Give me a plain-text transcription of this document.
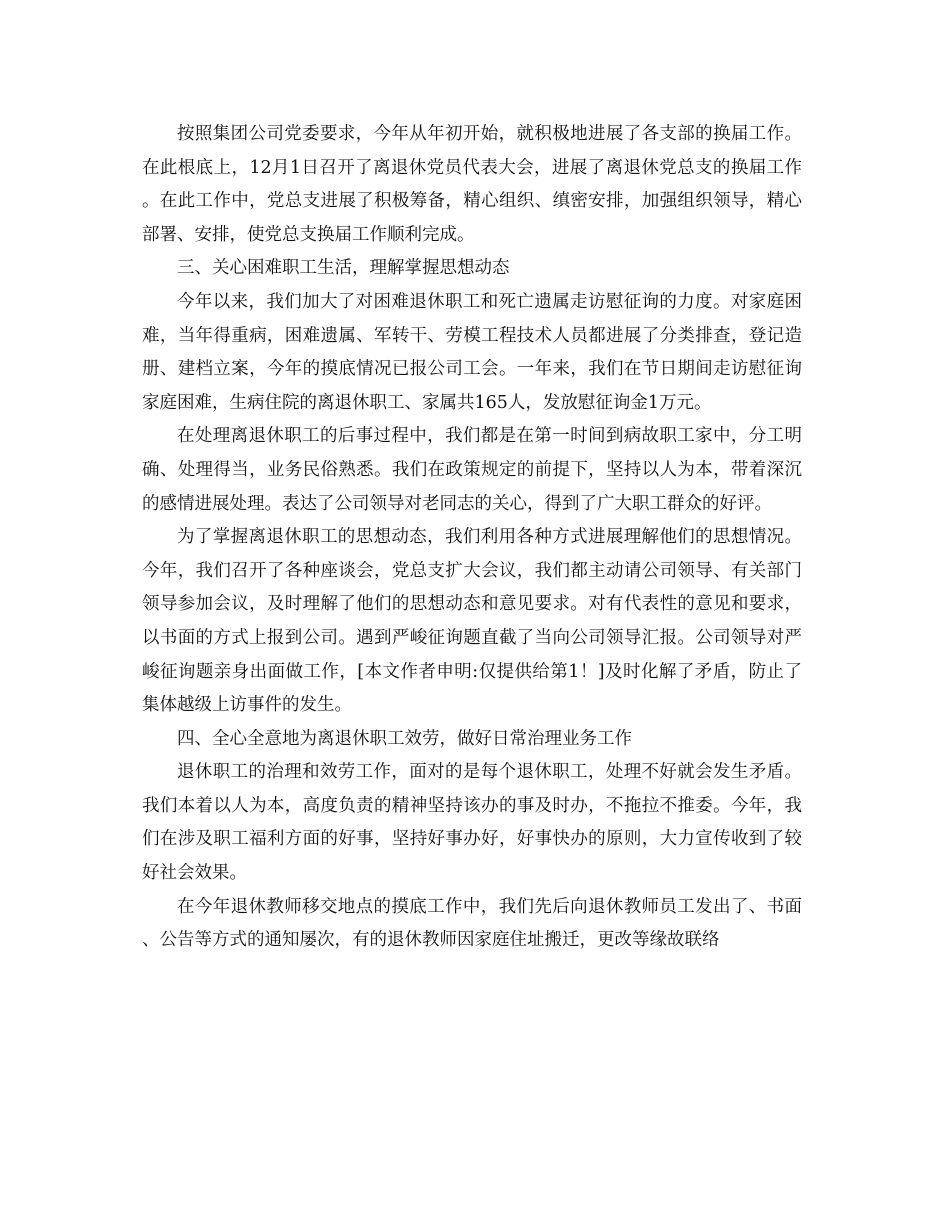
按照集团公司党委要求，今年从年初开始，就积极地进展了各支部的换届工作。在此根底上，12月1日召开了离退休党员代表大会，进展了离退休党总支的换届工作。在此工作中，党总支进展了积极筹备，精心组织、缜密安排，加强组织领导，精心部署、安排，使党总支换届工作顺利完成。

三、关心困难职工生活，理解掌握思想动态

今年以来，我们加大了对困难退休职工和死亡遗属走访慰征询的力度。对家庭困难，当年得重病，困难遗属、军转干、劳模工程技术人员都进展了分类排查，登记造册、建档立案，今年的摸底情况已报公司工会。一年来，我们在节日期间走访慰征询家庭困难，生病住院的离退休职工、家属共165人，发放慰征询金1万元。

在处理离退休职工的后事过程中，我们都是在第一时间到病故职工家中，分工明确、处理得当，业务民俗熟悉。我们在政策规定的前提下，坚持以人为本，带着深沉的感情进展处理。表达了公司领导对老同志的关心，得到了广大职工群众的好评。

为了掌握离退休职工的思想动态，我们利用各种方式进展理解他们的思想情况。今年，我们召开了各种座谈会，党总支扩大会议，我们都主动请公司领导、有关部门领导参加会议，及时理解了他们的思想动态和意见要求。对有代表性的意见和要求，以书面的方式上报到公司。遇到严峻征询题直截了当向公司领导汇报。公司领导对严峻征询题亲身出面做工作，[本文作者申明:仅提供给第1！]及时化解了矛盾，防止了集体越级上访事件的发生。

四、全心全意地为离退休职工效劳，做好日常治理业务工作

退休职工的治理和效劳工作，面对的是每个退休职工，处理不好就会发生矛盾。我们本着以人为本，高度负责的精神坚持该办的事及时办，不拖拉不推委。今年，我们在涉及职工福利方面的好事，坚持好事办好，好事快办的原则，大力宣传收到了较好社会效果。

在今年退休教师移交地点的摸底工作中，我们先后向退休教师员工发出了、书面、公告等方式的通知屡次，有的退休教师因家庭住址搬迁，更改等缘故联络
